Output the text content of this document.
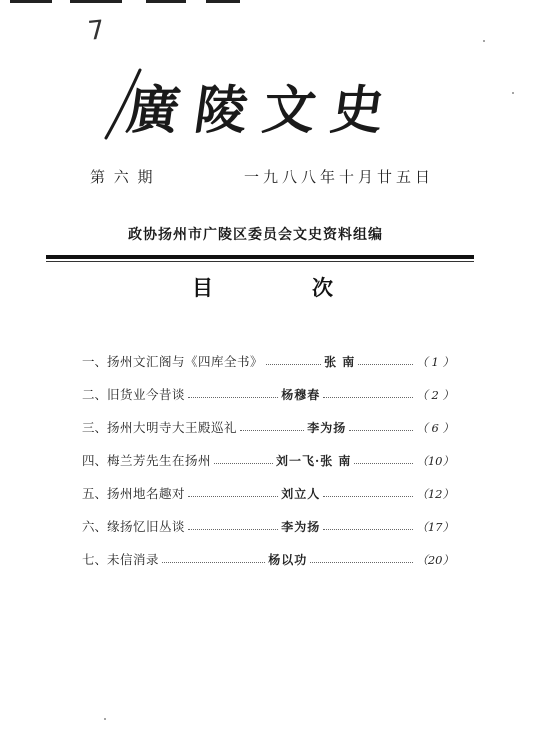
7
廣陵文史
第 六 期	一九八八年十月廿五日
政协扬州市广陵区委员会文史资料组编
目	次
一、 扬州文汇阁与《四库全书》	张 南	（ 1 ）
二、 旧货业今昔谈	杨穆春	（ 2 ）
三、 扬州大明寺大王殿巡礼	李为扬	（ 6 ）
四、 梅兰芳先生在扬州	刘一飞·张 南	（10）
五、 扬州地名趣对	刘立人	（12）
六、 缘扬忆旧丛谈	李为扬	（17）
七、 未信消录	杨以功	（20）
